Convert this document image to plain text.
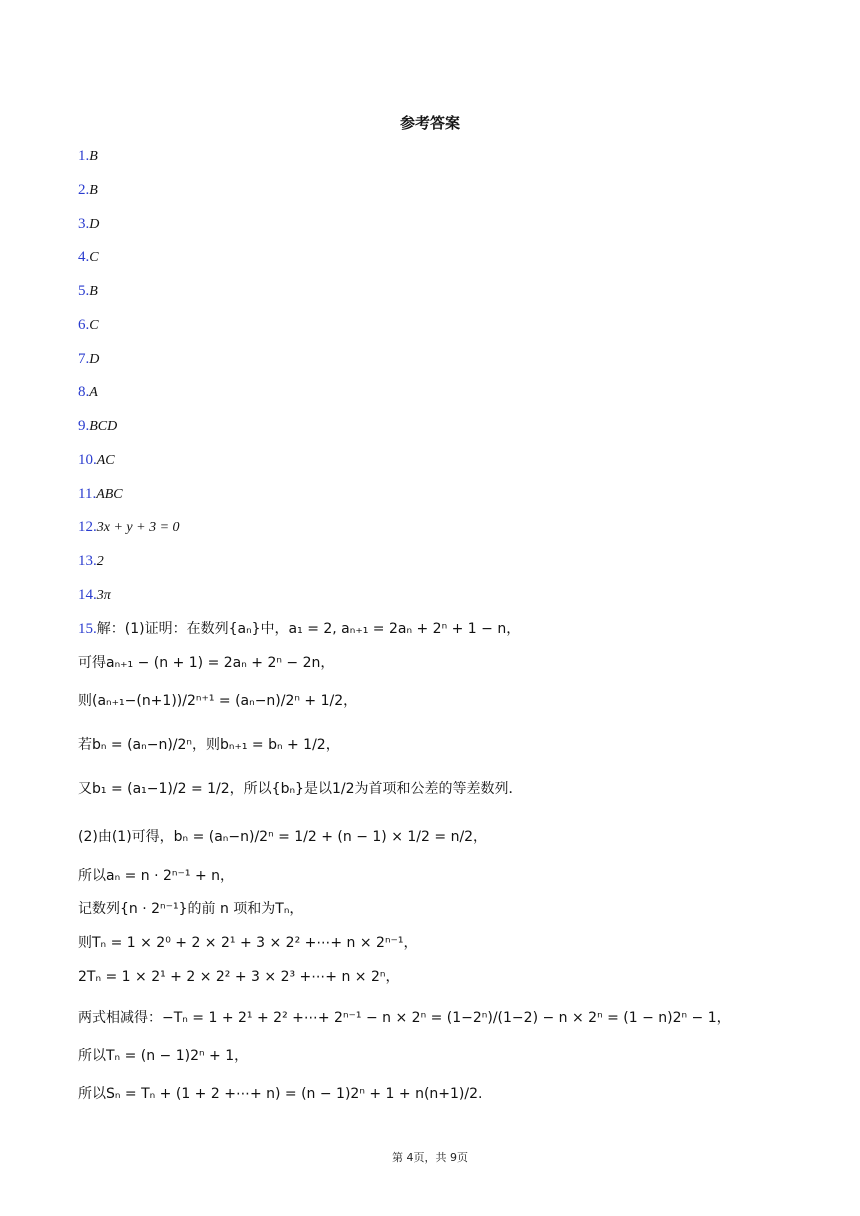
参考答案
1.B
2.B
3.D
4.C
5.B
6.C
7.D
8.A
9.BCD
10.AC
11.ABC
12.3x + y + 3 = 0
13.2
14.3π
15.解：(1)证明：在数列{aₙ}中，a₁ = 2, aₙ₊₁ = 2aₙ + 2ⁿ + 1 − n，
可得aₙ₊₁ − (n + 1) = 2aₙ + 2ⁿ − 2n，
则(aₙ₊₁−(n+1))/2ⁿ⁺¹ = (aₙ−n)/2ⁿ + 1/2，
若bₙ = (aₙ−n)/2ⁿ，则bₙ₊₁ = bₙ + 1/2，
又b₁ = (a₁−1)/2 = 1/2，所以{bₙ}是以1/2为首项和公差的等差数列．
(2)由(1)可得，bₙ = (aₙ−n)/2ⁿ = 1/2 + (n − 1) × 1/2 = n/2，
所以aₙ = n · 2ⁿ⁻¹ + n，
记数列{n · 2ⁿ⁻¹}的前 n 项和为Tₙ，
则Tₙ = 1 × 2⁰ + 2 × 2¹ + 3 × 2² +⋯+ n × 2ⁿ⁻¹，
2Tₙ = 1 × 2¹ + 2 × 2² + 3 × 2³ +⋯+ n × 2ⁿ，
两式相减得：−Tₙ = 1 + 2¹ + 2² +⋯+ 2ⁿ⁻¹ − n × 2ⁿ = (1−2ⁿ)/(1−2) − n × 2ⁿ = (1 − n)2ⁿ − 1，
所以Tₙ = (n − 1)2ⁿ + 1，
所以Sₙ = Tₙ + (1 + 2 +⋯+ n) = (n − 1)2ⁿ + 1 + n(n+1)/2.
第 4页，共 9页
